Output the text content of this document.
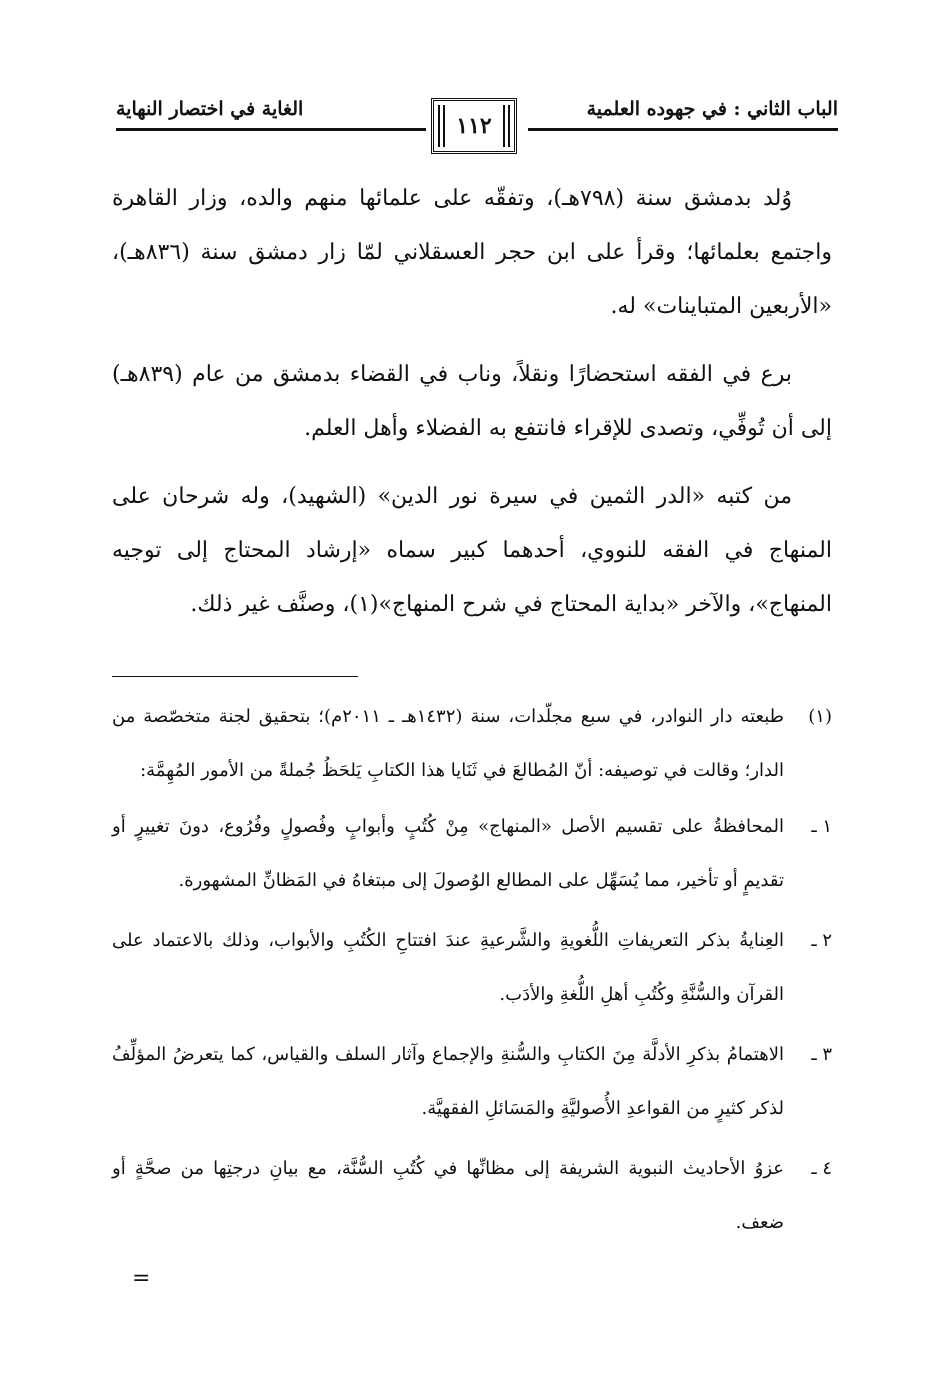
الباب الثاني : في جهوده العلمية
الغاية في اختصار النهاية
١١٢

وُلد بدمشق سنة (٧٩٨هـ)، وتفقّه على علمائها منهم والده، وزار القاهرة واجتمع بعلمائها؛ وقرأ على ابن حجر العسقلاني لمّا زار دمشق سنة (٨٣٦هـ)، «الأربعين المتباينات» له.

برع في الفقه استحضارًا ونقلاً، وناب في القضاء بدمشق من عام (٨٣٩هـ) إلى أن تُوفِّي، وتصدى للإقراء فانتفع به الفضلاء وأهل العلم.

من كتبه «الدر الثمين في سيرة نور الدين» (الشهيد)، وله شرحان على المنهاج في الفقه للنووي، أحدهما كبير سماه «إرشاد المحتاج إلى توجيه المنهاج»، والآخر «بداية المحتاج في شرح المنهاج»(١)، وصنَّف غير ذلك.

(١)
طبعته دار النوادر، في سبع مجلّدات، سنة (١٤٣٢هـ ـ ٢٠١١م)؛ بتحقيق لجنة متخصّصة من الدار؛ وقالت في توصيفه: أنّ المُطالعَ في ثَنَايا هذا الكتابِ يَلحَظُ جُملةً من الأمور المُهِمَّة:
١ ـ
المحافظةُ على تقسيم الأصل «المنهاج» مِنْ كُتُبٍ وأبوابٍ وفُصولٍ وفُرُوع، دونَ تغييرٍ أو تقديمٍ أو تأخير، مما يُسَهِّل على المطالع الوُصولَ إلى مبتغاهُ في المَظانِّ المشهورة.
٢ ـ
العِنايةُ بذكر التعريفاتِ اللُّغويةِ والشَّرعيةِ عندَ افتتاحِ الكُتُبِ والأبواب، وذلك بالاعتماد على القرآن والسُّنَّةِ وكُتُبِ أهلِ اللُّغةِ والأدَب.
٣ ـ
الاهتمامُ بذكرِ الأدلَّة مِنَ الكتابِ والسُّنةِ والإجماع وآثار السلف والقياس، كما يتعرضُ المؤلِّفُ لذكر كثيرٍ من القواعدِ الأُصوليَّةِ والمَسَائلِ الفقهيَّة.
٤ ـ
عزوُ الأحاديث النبوية الشريفة إلى مظانِّها في كُتُبِ السُّنَّة، مع بيانِ درجتِها من صحَّةٍ أو ضعف.
=
